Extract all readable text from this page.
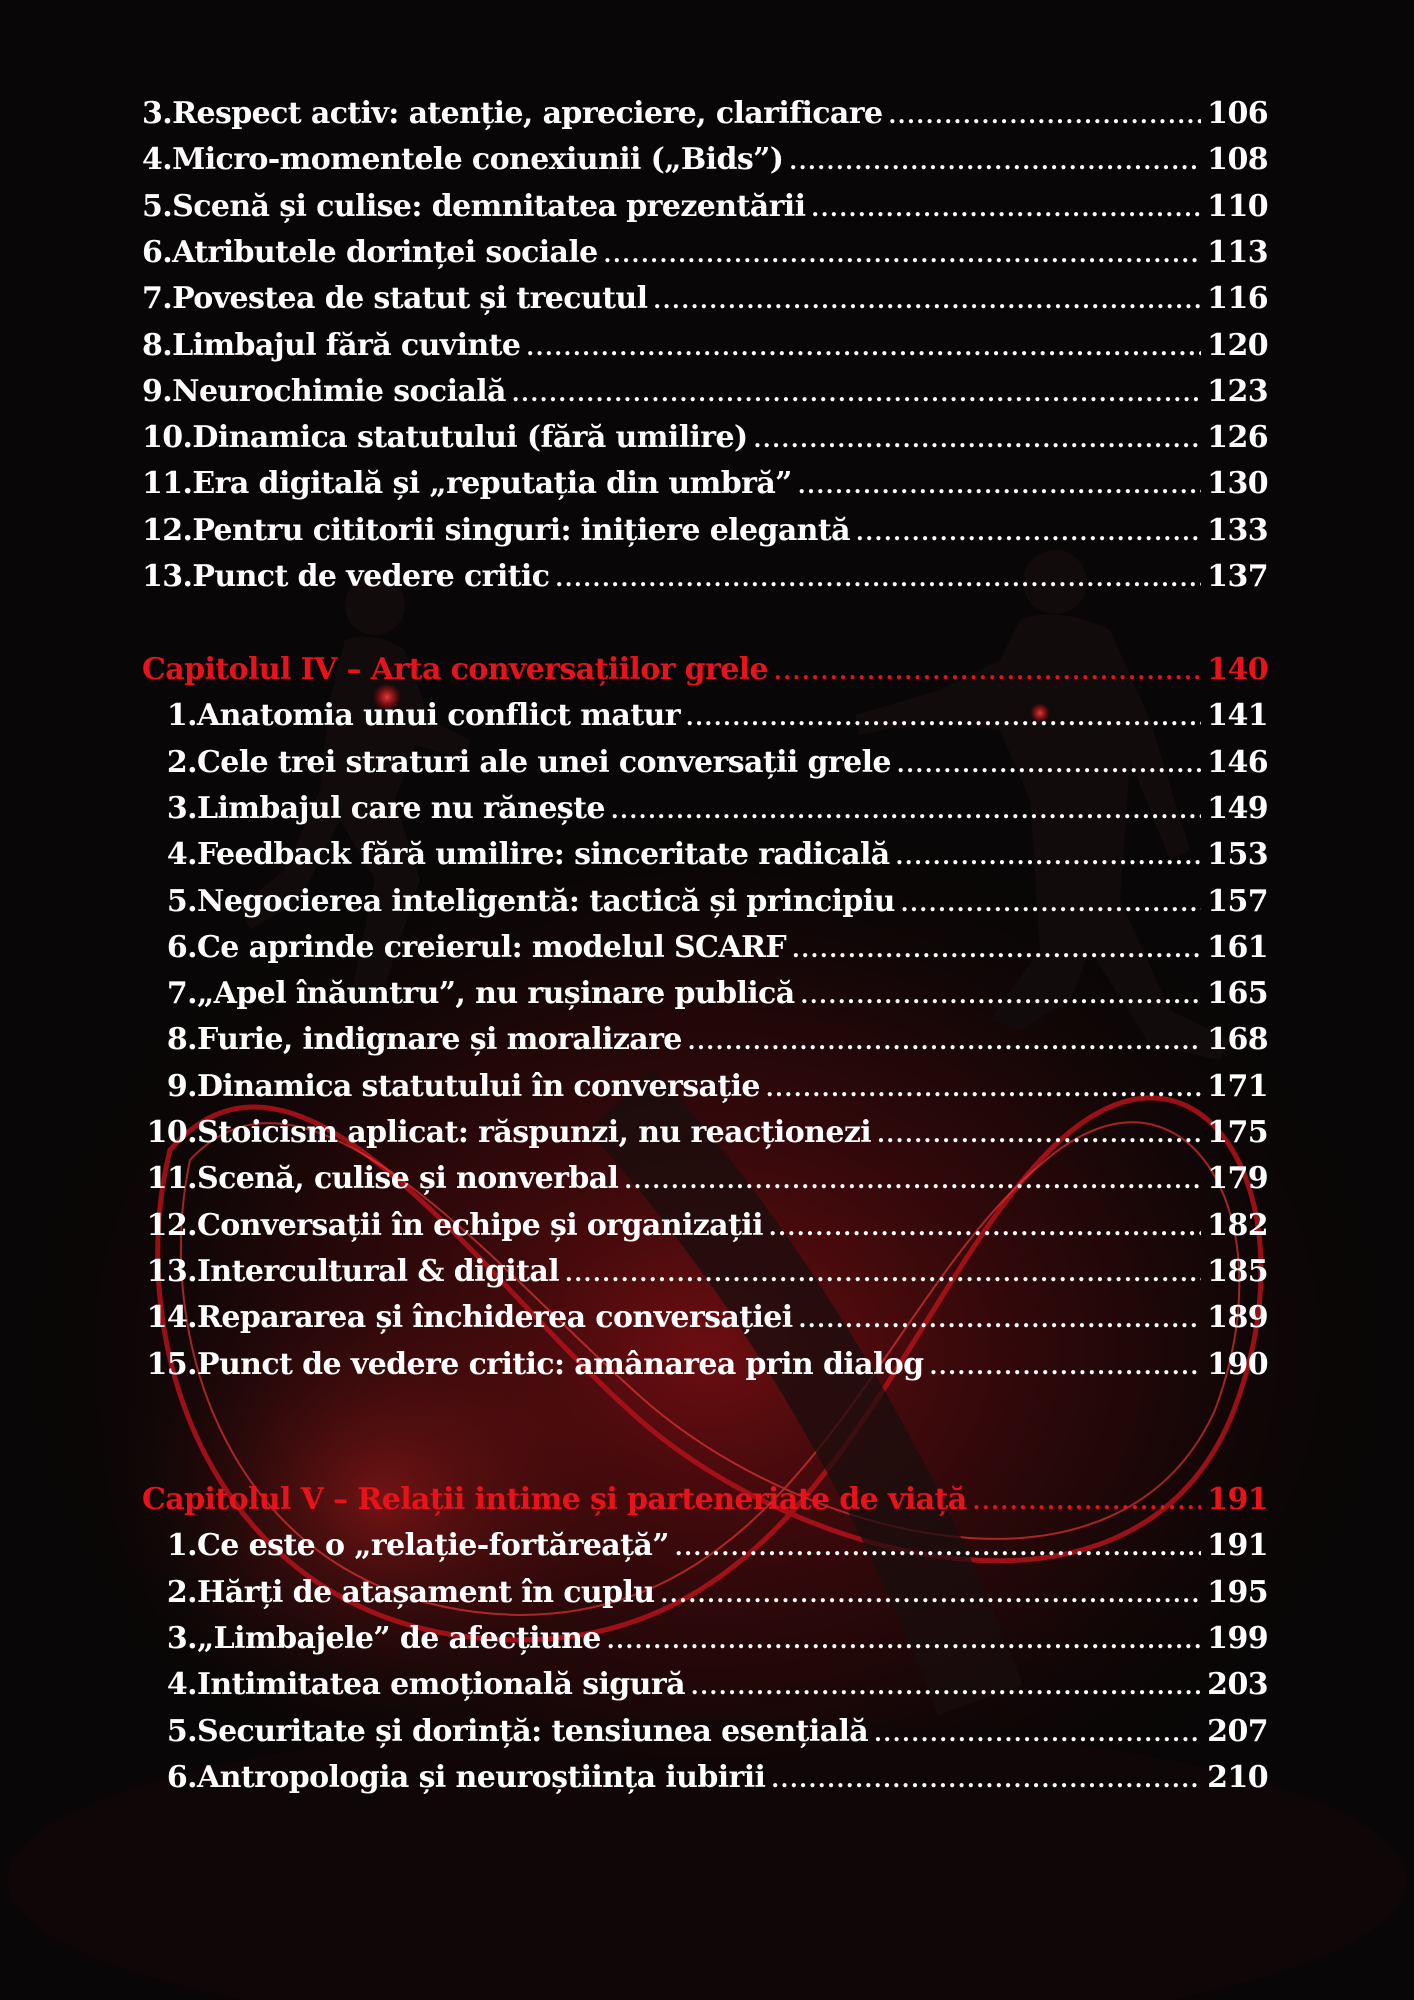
3. Respect activ: atenție, apreciere, clarificare . . .	106
4. Micro-momentele conexiunii („Bids”) . . .	108
5. Scenă și culise: demnitatea prezentării . . .	110
6. Atributele dorinței sociale . . .	113
7. Povestea de statut și trecutul . . .	116
8. Limbajul fără cuvinte . . .	120
9. Neurochimie socială . . .	123
10. Dinamica statutului (fără umilire) . . .	126
11. Era digitală și „reputația din umbră” . . .	130
12. Pentru cititorii singuri: inițiere elegantă . . .	133
13. Punct de vedere critic . . .	137
Capitolul IV – Arta conversațiilor grele . . .	140
1. Anatomia unui conflict matur . . .	141
2. Cele trei straturi ale unei conversații grele . . .	146
3. Limbajul care nu rănește . . .	149
4. Feedback fără umilire: sinceritate radicală . . .	153
5. Negocierea inteligentă: tactică și principiu . . .	157
6. Ce aprinde creierul: modelul SCARF . . .	161
7. „Apel înăuntru”, nu rușinare publică . . .	165
8. Furie, indignare și moralizare . . .	168
9. Dinamica statutului în conversație . . .	171
10. Stoicism aplicat: răspunzi, nu reacționezi . . .	175
11. Scenă, culise și nonverbal . . .	179
12. Conversații în echipe și organizații . . .	182
13. Intercultural & digital . . .	185
14. Repararea și închiderea conversației . . .	189
15. Punct de vedere critic: amânarea prin dialog . . .	190
Capitolul V – Relații intime și parteneriate de viață . . .	191
1. Ce este o „relație-fortăreață” . . .	191
2. Hărți de atașament în cuplu . . .	195
3. „Limbajele” de afecțiune . . .	199
4. Intimitatea emoțională sigură . . .	203
5. Securitate și dorință: tensiunea esențială . . .	207
6. Antropologia și neuroștiința iubirii . . .	210
